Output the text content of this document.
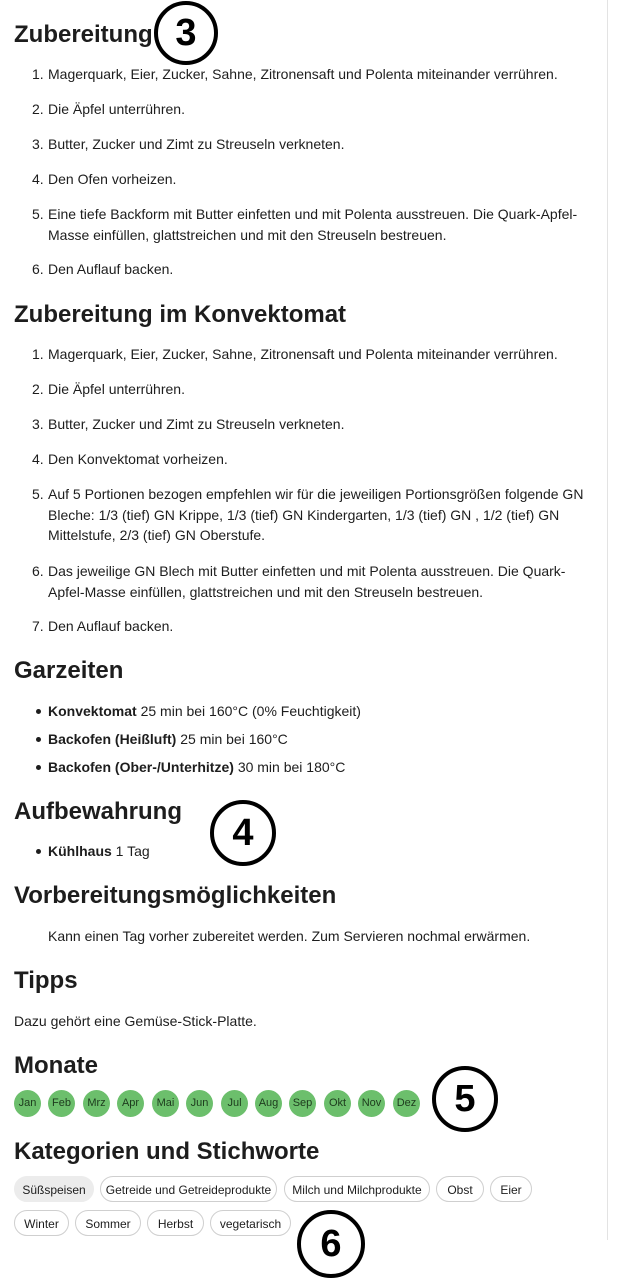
Zubereitung
1. Magerquark, Eier, Zucker, Sahne, Zitronensaft und Polenta miteinander verrühren.
2. Die Äpfel unterrühren.
3. Butter, Zucker und Zimt zu Streuseln verkneten.
4. Den Ofen vorheizen.
5. Eine tiefe Backform mit Butter einfetten und mit Polenta ausstreuen. Die Quark-Apfel-Masse einfüllen, glattstreichen und mit den Streuseln bestreuen.
6. Den Auflauf backen.
Zubereitung im Konvektomat
1. Magerquark, Eier, Zucker, Sahne, Zitronensaft und Polenta miteinander verrühren.
2. Die Äpfel unterrühren.
3. Butter, Zucker und Zimt zu Streuseln verkneten.
4. Den Konvektomat vorheizen.
5. Auf 5 Portionen bezogen empfehlen wir für die jeweiligen Portionsgrößen folgende GN Bleche: 1/3 (tief) GN Krippe, 1/3 (tief) GN Kindergarten, 1/3 (tief) GN , 1/2 (tief) GN Mittelstufe, 2/3 (tief) GN Oberstufe.
6. Das jeweilige GN Blech mit Butter einfetten und mit Polenta ausstreuen. Die Quark-Apfel-Masse einfüllen, glattstreichen und mit den Streuseln bestreuen.
7. Den Auflauf backen.
Garzeiten
Konvektomat 25 min bei 160°C (0% Feuchtigkeit)
Backofen (Heißluft) 25 min bei 160°C
Backofen (Ober-/Unterhitze) 30 min bei 180°C
Aufbewahrung
Kühlhaus 1 Tag
Vorbereitungsmöglichkeiten
Kann einen Tag vorher zubereitet werden. Zum Servieren nochmal erwärmen.
Tipps
Dazu gehört eine Gemüse-Stick-Platte.
Monate
Jan	Feb	Mrz	Apr	Mai	Jun	Jul	Aug	Sep	Okt	Nov	Dez
Kategorien und Stichworte
Süßspeisen	Getreide und Getreideprodukte	Milch und Milchprodukte	Obst	Eier
Winter	Sommer	Herbst	vegetarisch
3
4
5
6
